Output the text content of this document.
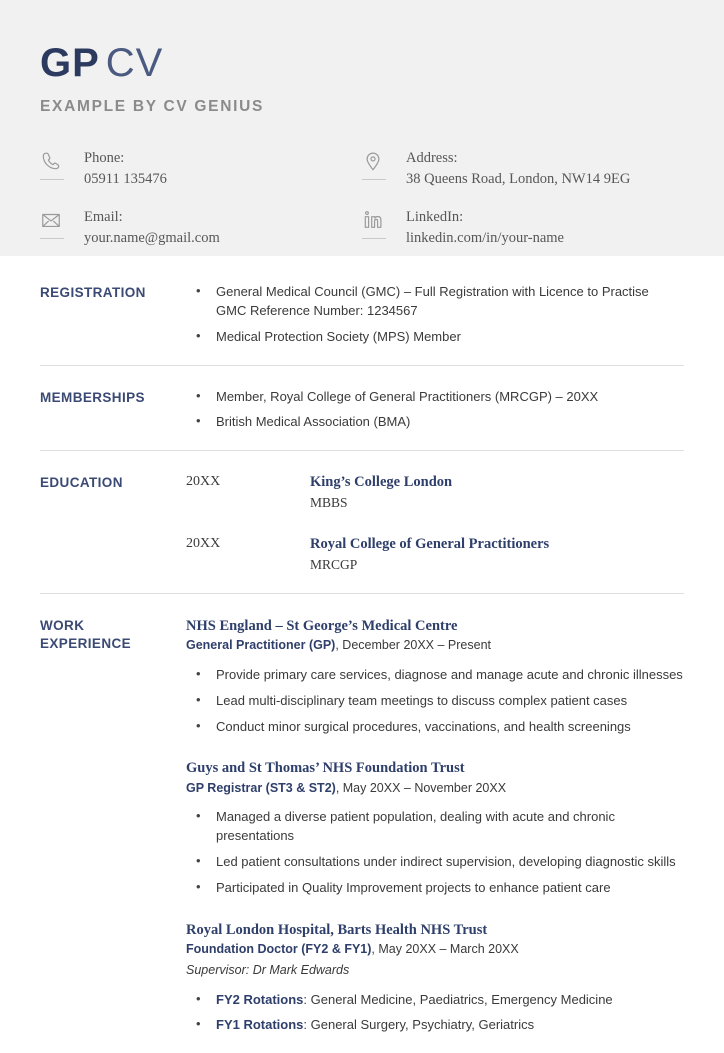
GP CV
EXAMPLE BY CV GENIUS
Phone:
05911 135476
Email:
your.name@gmail.com
Address:
38 Queens Road, London, NW14 9EG
LinkedIn:
linkedin.com/in/your-name
REGISTRATION	• General Medical Council (GMC) – Full Registration with Licence to Practise
GMC Reference Number: 1234567
• Medical Protection Society (MPS) Member
MEMBERSHIPS	• Member, Royal College of General Practitioners (MRCGP) – 20XX
• British Medical Association (BMA)
EDUCATION	20XX	King’s College London
MBBS
20XX	Royal College of General Practitioners
MRCGP
WORK
EXPERIENCE
NHS England – St George’s Medical Centre
General Practitioner (GP), December 20XX – Present
• Provide primary care services, diagnose and manage acute and chronic illnesses
• Lead multi-disciplinary team meetings to discuss complex patient cases
• Conduct minor surgical procedures, vaccinations, and health screenings
Guys and St Thomas’ NHS Foundation Trust
GP Registrar (ST3 & ST2), May 20XX – November 20XX
• Managed a diverse patient population, dealing with acute and chronic presentations
• Led patient consultations under indirect supervision, developing diagnostic skills
• Participated in Quality Improvement projects to enhance patient care
Royal London Hospital, Barts Health NHS Trust
Foundation Doctor (FY2 & FY1), May 20XX – March 20XX
Supervisor: Dr Mark Edwards
• FY2 Rotations: General Medicine, Paediatrics, Emergency Medicine
• FY1 Rotations: General Surgery, Psychiatry, Geriatrics
